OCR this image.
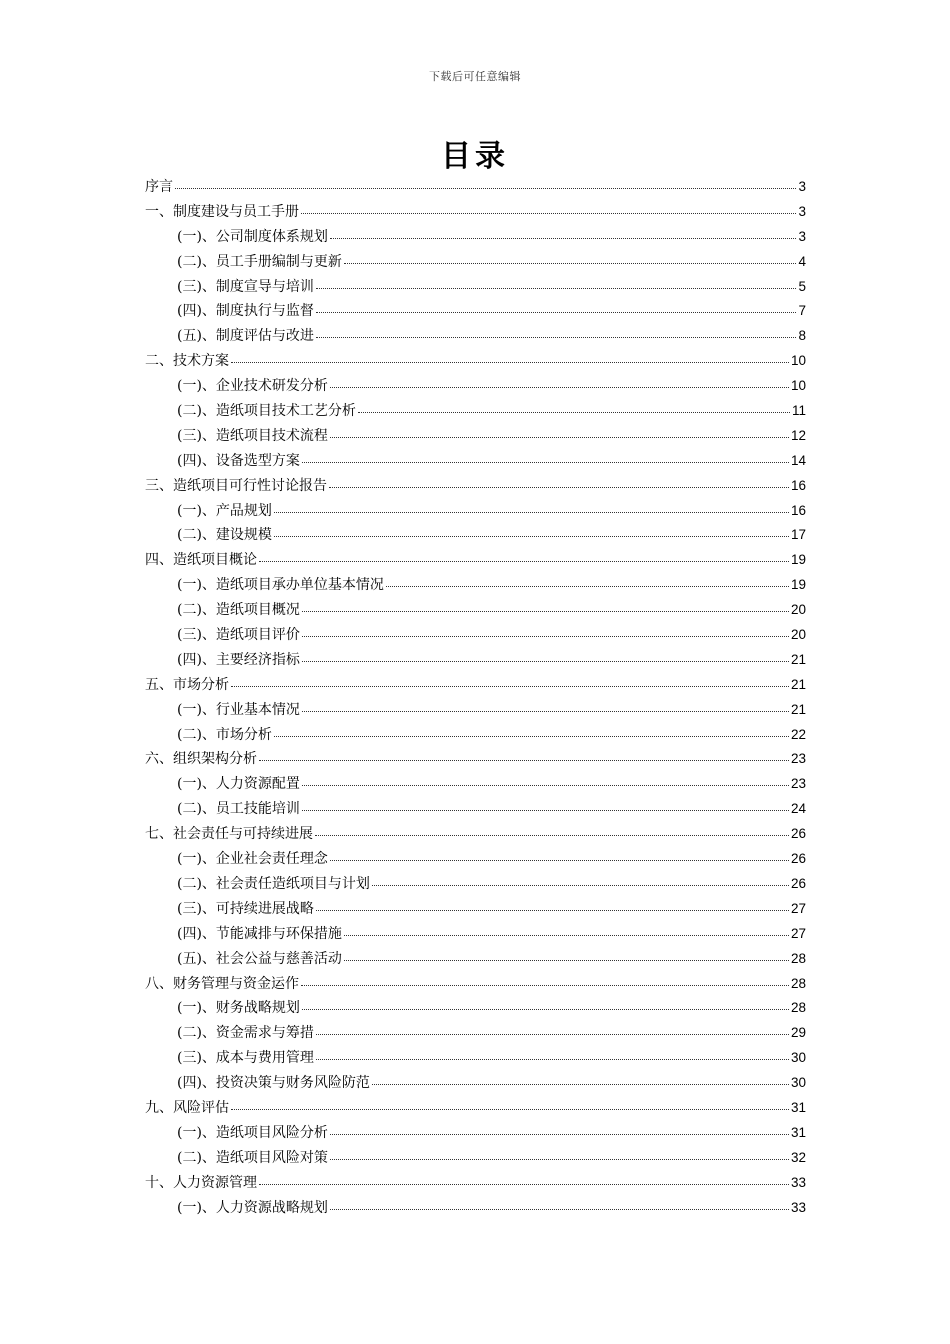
下载后可任意编辑
目录
序言	3
一、制度建设与员工手册	3
(一)、公司制度体系规划	3
(二)、员工手册编制与更新	4
(三)、制度宣导与培训	5
(四)、制度执行与监督	7
(五)、制度评估与改进	8
二、技术方案	10
(一)、企业技术研发分析	10
(二)、造纸项目技术工艺分析	11
(三)、造纸项目技术流程	12
(四)、设备选型方案	14
三、造纸项目可行性讨论报告	16
(一)、产品规划	16
(二)、建设规模	17
四、造纸项目概论	19
(一)、造纸项目承办单位基本情况	19
(二)、造纸项目概况	20
(三)、造纸项目评价	20
(四)、主要经济指标	21
五、市场分析	21
(一)、行业基本情况	21
(二)、市场分析	22
六、组织架构分析	23
(一)、人力资源配置	23
(二)、员工技能培训	24
七、社会责任与可持续进展	26
(一)、企业社会责任理念	26
(二)、社会责任造纸项目与计划	26
(三)、可持续进展战略	27
(四)、节能减排与环保措施	27
(五)、社会公益与慈善活动	28
八、财务管理与资金运作	28
(一)、财务战略规划	28
(二)、资金需求与筹措	29
(三)、成本与费用管理	30
(四)、投资决策与财务风险防范	30
九、风险评估	31
(一)、造纸项目风险分析	31
(二)、造纸项目风险对策	32
十、人力资源管理	33
(一)、人力资源战略规划	33
